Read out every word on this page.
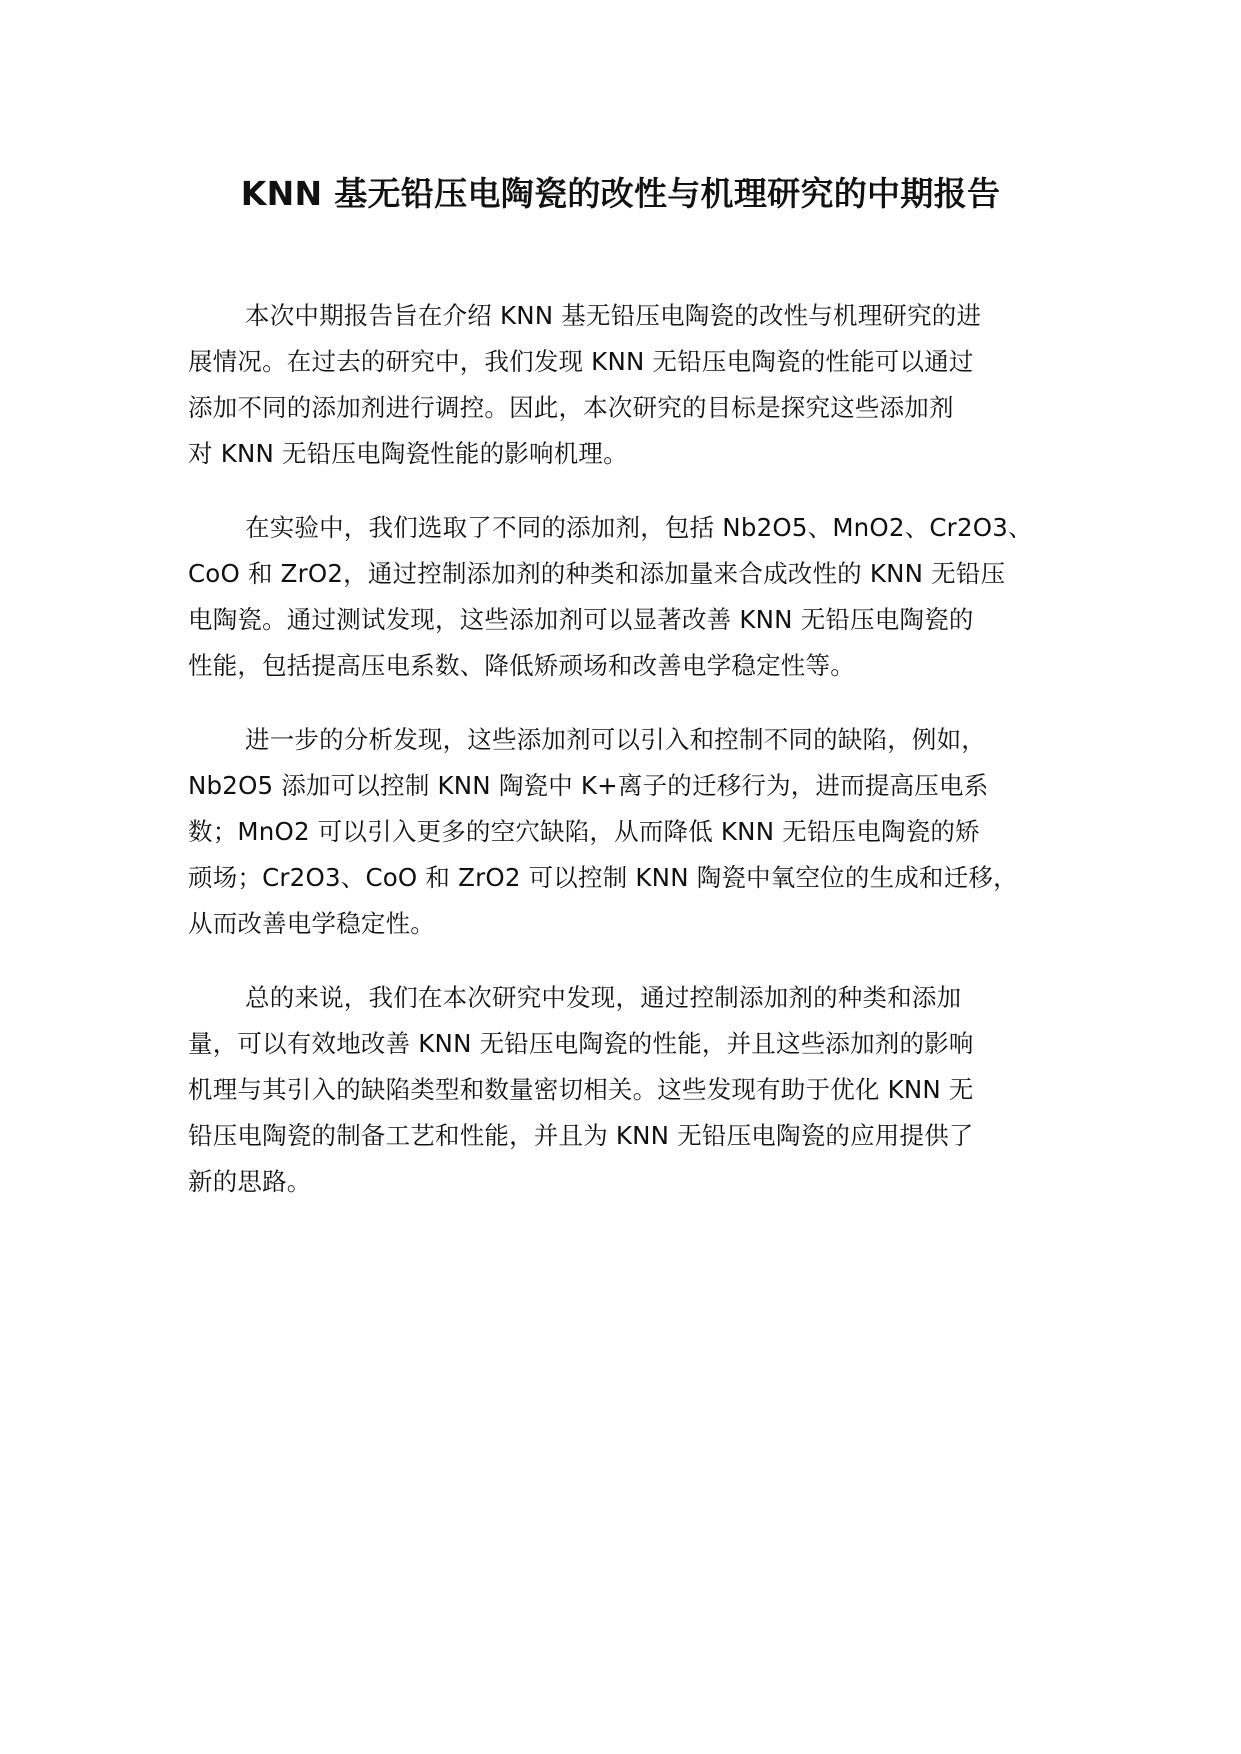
KNN 基无铅压电陶瓷的改性与机理研究的中期报告

本次中期报告旨在介绍 KNN 基无铅压电陶瓷的改性与机理研究的进
展情况。在过去的研究中，我们发现 KNN 无铅压电陶瓷的性能可以通过
添加不同的添加剂进行调控。因此，本次研究的目标是探究这些添加剂
对 KNN 无铅压电陶瓷性能的影响机理。

在实验中，我们选取了不同的添加剂，包括 Nb2O5、MnO2、Cr2O3、
CoO 和 ZrO2，通过控制添加剂的种类和添加量来合成改性的 KNN 无铅压
电陶瓷。通过测试发现，这些添加剂可以显著改善 KNN 无铅压电陶瓷的
性能，包括提高压电系数、降低矫顽场和改善电学稳定性等。

进一步的分析发现，这些添加剂可以引入和控制不同的缺陷，例如，
Nb2O5 添加可以控制 KNN 陶瓷中 K+离子的迁移行为，进而提高压电系
数；MnO2 可以引入更多的空穴缺陷，从而降低 KNN 无铅压电陶瓷的矫
顽场；Cr2O3、CoO 和 ZrO2 可以控制 KNN 陶瓷中氧空位的生成和迁移，
从而改善电学稳定性。

总的来说，我们在本次研究中发现，通过控制添加剂的种类和添加
量，可以有效地改善 KNN 无铅压电陶瓷的性能，并且这些添加剂的影响
机理与其引入的缺陷类型和数量密切相关。这些发现有助于优化 KNN 无
铅压电陶瓷的制备工艺和性能，并且为 KNN 无铅压电陶瓷的应用提供了
新的思路。
